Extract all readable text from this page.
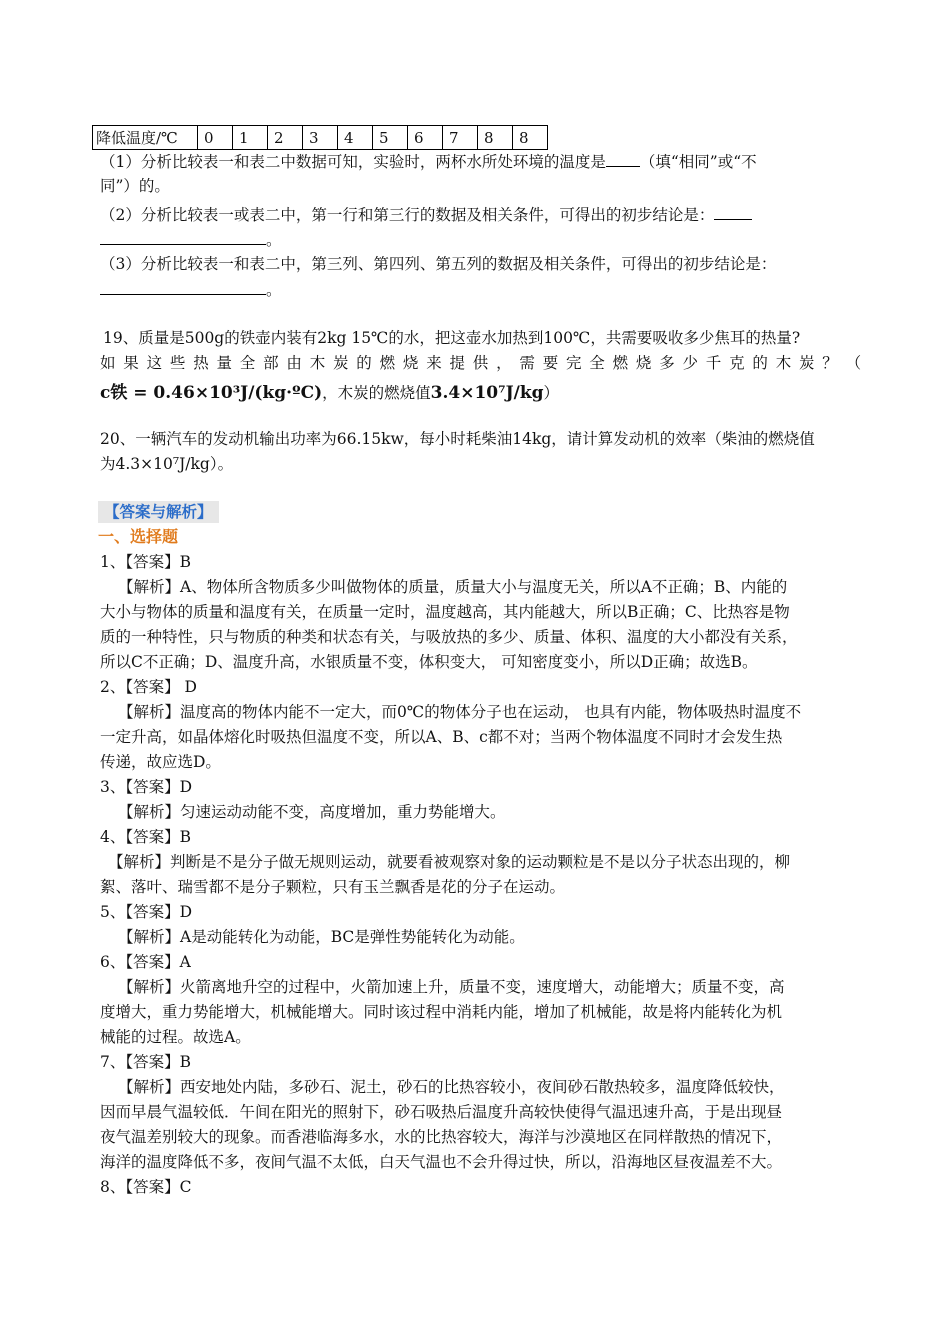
降低温度/℃	0	1	2	3	4	5	6	7	8	8
（1）分析比较表一和表二中数据可知，实验时，两杯水所处环境的温度是 （填“相同”或“不
同”）的。
（2）分析比较表一或表二中，第一行和第三行的数据及相关条件，可得出的初步结论是：
。
（3）分析比较表一和表二中，第三列、第四列、第五列的数据及相关条件，可得出的初步结论是：
。
19、质量是500g的铁壶内装有2kg 15℃的水，把这壶水加热到100℃，共需要吸收多少焦耳的热量?
如果这些热量全部由木炭的燃烧来提供，需要完全燃烧多少千克的木炭？（
c铁 = 0.46×10³J/(kg·ºC)，木炭的燃烧值3.4×10⁷J/kg）
20、一辆汽车的发动机输出功率为66.15kw，每小时耗柴油14kg，请计算发动机的效率（柴油的燃烧值
为4.3×10⁷J/kg）。
【答案与解析】
一、选择题
1、【答案】B
【解析】A、物体所含物质多少叫做物体的质量，质量大小与温度无关，所以A不正确；B、内能的
大小与物体的质量和温度有关，在质量一定时，温度越高，其内能越大，所以B正确；C、比热容是物
质的一种特性，只与物质的种类和状态有关，与吸放热的多少、质量、体积、温度的大小都没有关系，
所以C不正确；D、温度升高，水银质量不变，体积变大， 可知密度变小，所以D正确；故选B。
2、【答案】 D
【解析】温度高的物体内能不一定大，而0℃的物体分子也在运动， 也具有内能，物体吸热时温度不
一定升高，如晶体熔化时吸热但温度不变，所以A、B、c都不对；当两个物体温度不同时才会发生热
传递，故应选D。
3、【答案】D
【解析】匀速运动动能不变，高度增加，重力势能增大。
4、【答案】B
【解析】判断是不是分子做无规则运动，就要看被观察对象的运动颗粒是不是以分子状态出现的，柳
絮、落叶、瑞雪都不是分子颗粒，只有玉兰飘香是花的分子在运动。
5、【答案】D
【解析】A是动能转化为动能，BC是弹性势能转化为动能。
6、【答案】A
【解析】火箭离地升空的过程中，火箭加速上升，质量不变，速度增大，动能增大；质量不变，高
度增大，重力势能增大，机械能增大。同时该过程中消耗内能，增加了机械能，故是将内能转化为机
械能的过程。故选A。
7、【答案】B
【解析】西安地处内陆，多砂石、泥土，砂石的比热容较小，夜间砂石散热较多，温度降低较快，
因而早晨气温较低．午间在阳光的照射下，砂石吸热后温度升高较快使得气温迅速升高，于是出现昼
夜气温差别较大的现象。而香港临海多水，水的比热容较大，海洋与沙漠地区在同样散热的情况下，
海洋的温度降低不多，夜间气温不太低，白天气温也不会升得过快，所以，沿海地区昼夜温差不大。
8、【答案】C
